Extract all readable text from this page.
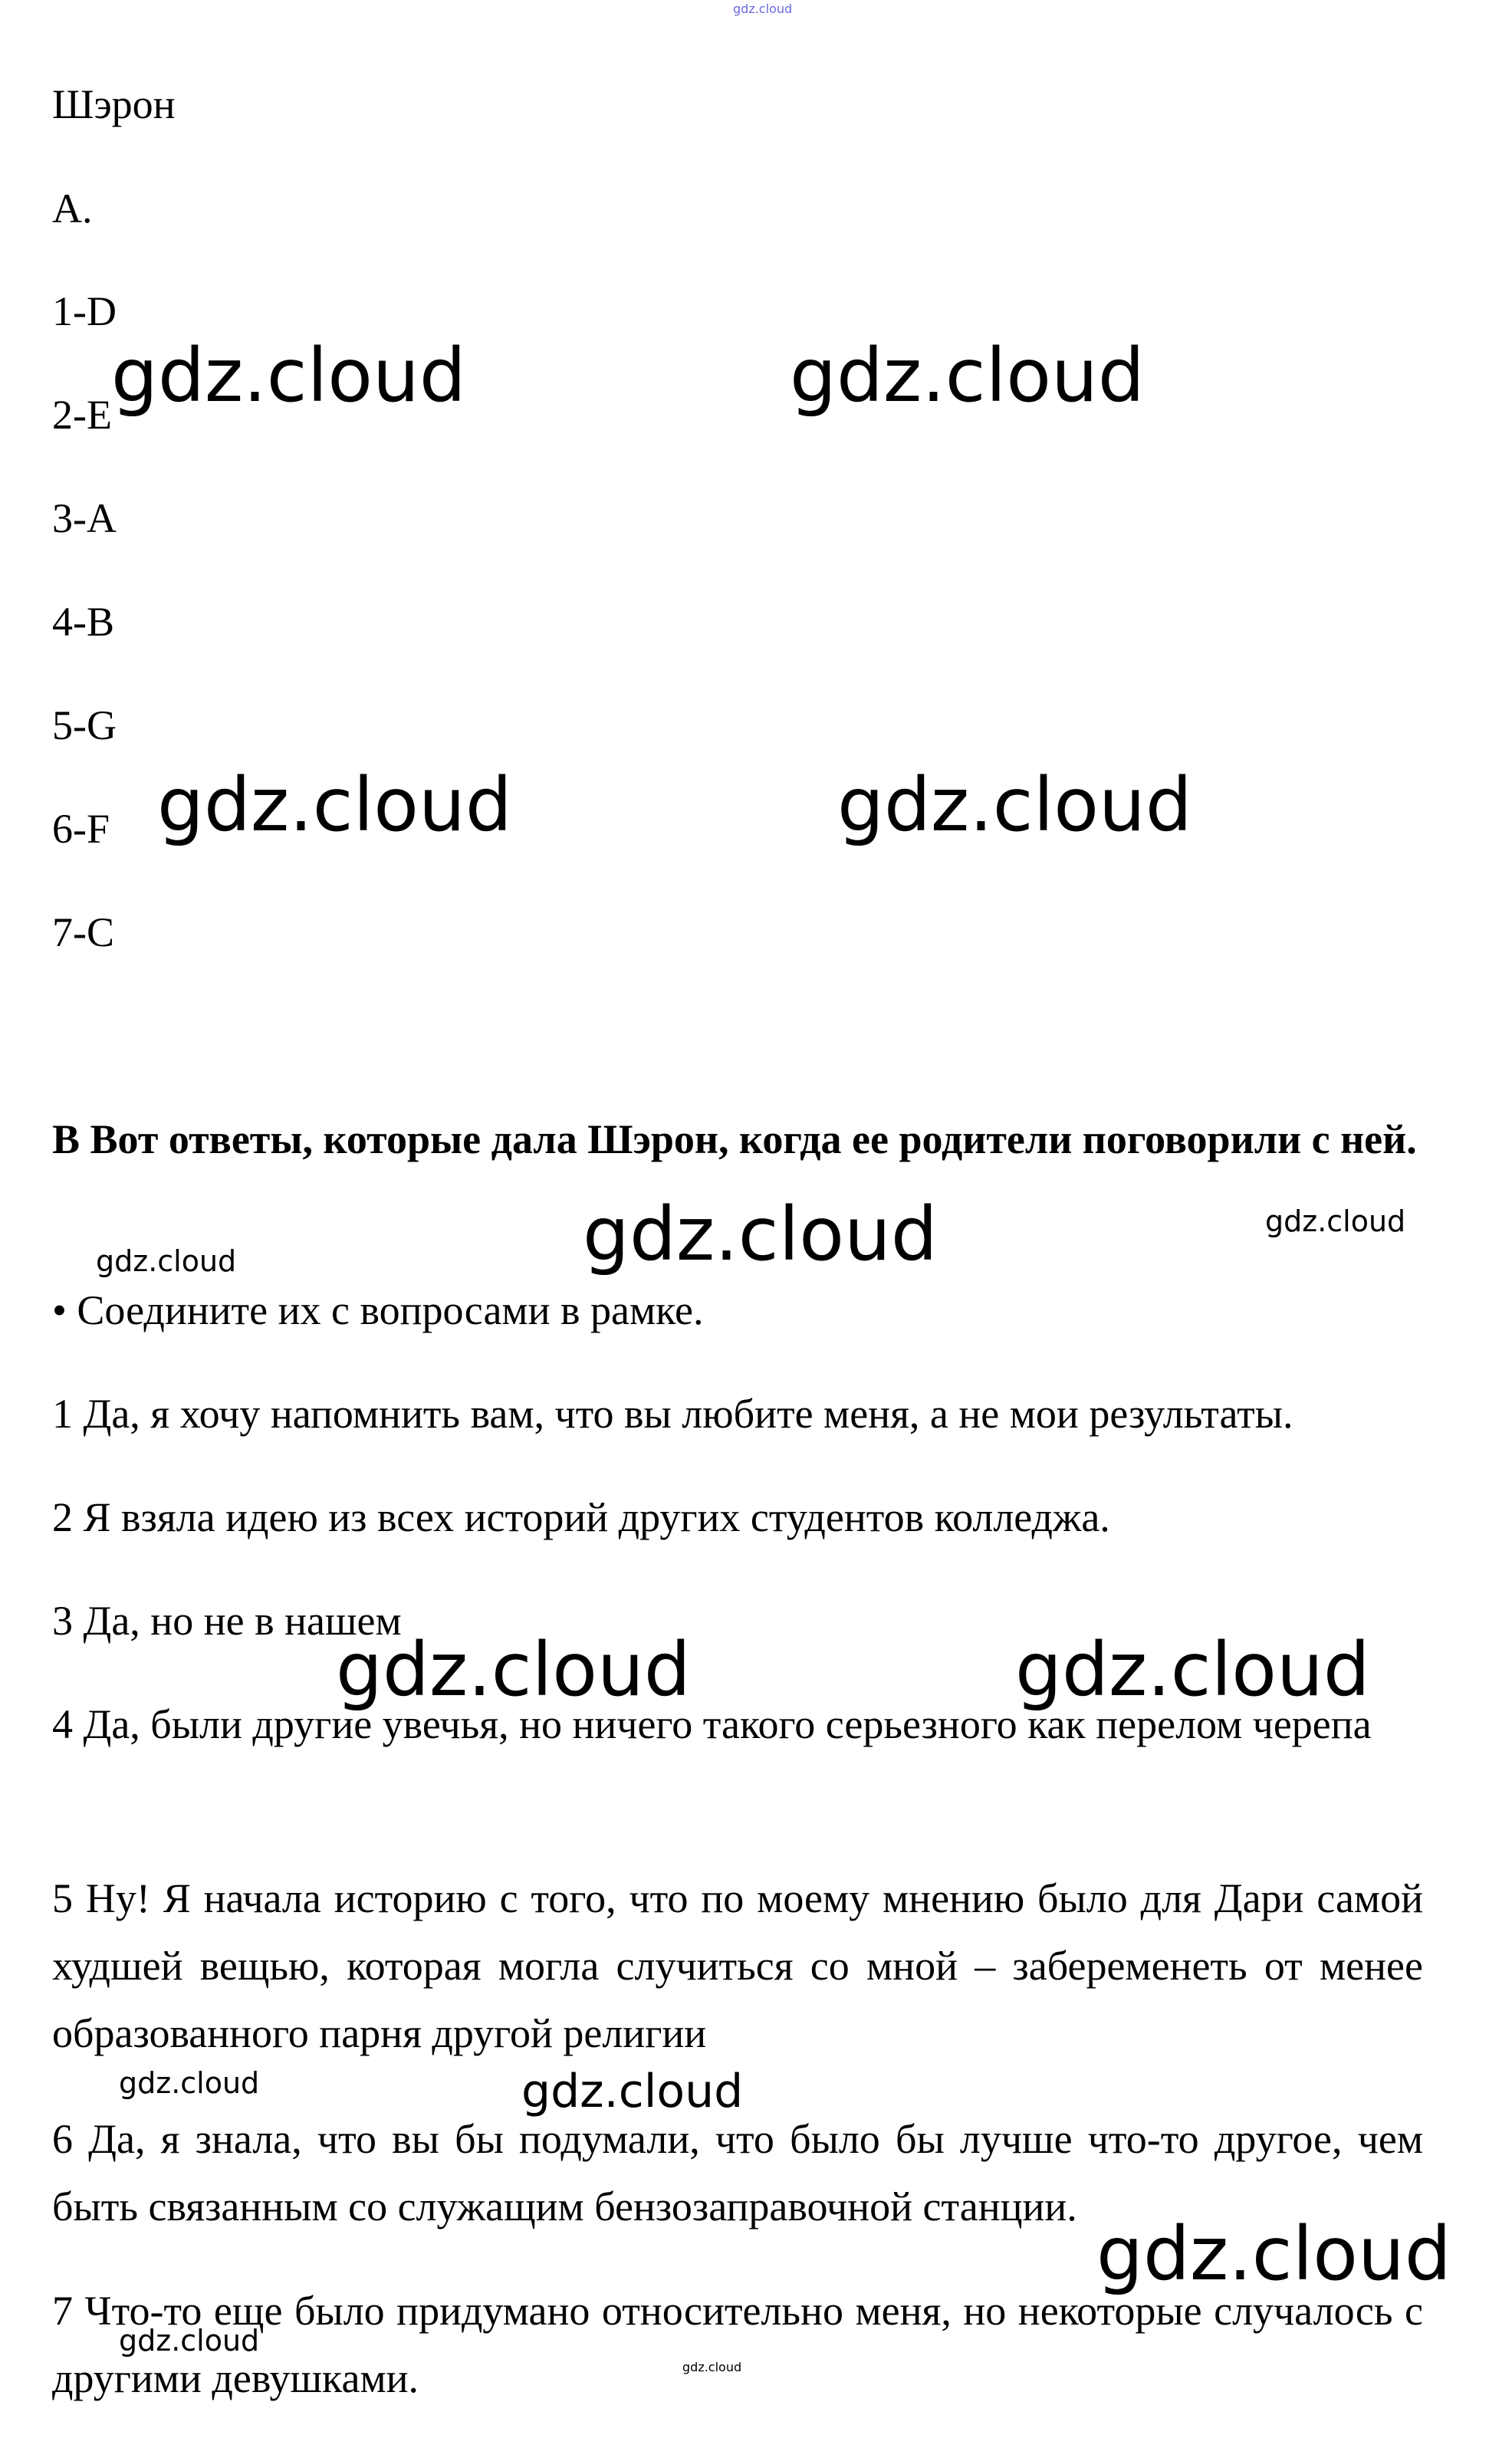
gdz.cloud
Шэрон
A.
1-D
2-E
3-A
4-B
5-G
6-F
7-C
B Вот ответы, которые дала Шэрон, когда ее родители поговорили с ней.
• Соедините их с вопросами в рамке.
1 Да, я хочу напомнить вам, что вы любите меня, а не мои результаты.
2 Я взяла идею из всех историй других студентов колледжа.
3 Да, но не в нашем
4 Да, были другие увечья, но ничего такого серьезного как перелом черепа
5 Ну! Я начала историю с того, что по моему мнению было для Дари самой худшей вещью, которая могла случиться со мной – забеременеть от менее образованного парня другой религии
6 Да, я знала, что вы бы подумали, что было бы лучше что-то другое, чем быть связанным со служащим бензозаправочной станции.
7 Что-то еще было придумано относительно меня, но некоторые случалось с другими девушками.
gdz.cloud	gdz.cloud
gdz.cloud	gdz.cloud
gdz.cloud	gdz.cloud
gdz.cloud
gdz.cloud	gdz.cloud
gdz.cloud	gdz.cloud
gdz.cloud
gdz.cloud
gdz.cloud
